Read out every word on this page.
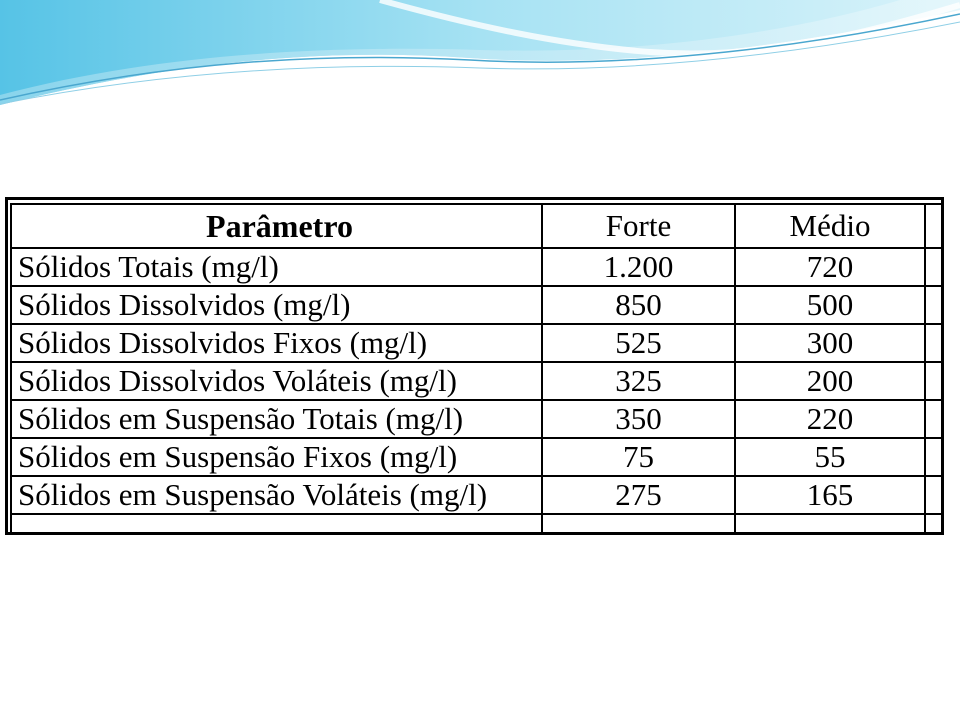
Parâmetro	Forte	Médio	
Sólidos Totais (mg/l)	1.200	720	
Sólidos Dissolvidos (mg/l)	850	500	
Sólidos Dissolvidos Fixos (mg/l)	525	300	
Sólidos Dissolvidos Voláteis (mg/l)	325	200	
Sólidos em Suspensão Totais (mg/l)	350	220	
Sólidos em Suspensão Fixos (mg/l)	75	55	
Sólidos em Suspensão Voláteis (mg/l)	275	165	
